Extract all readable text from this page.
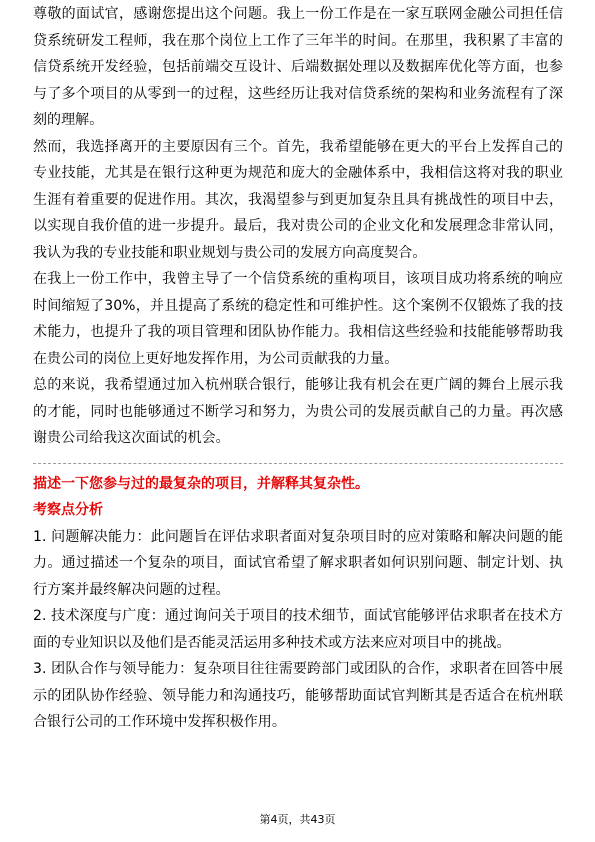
尊敬的面试官，感谢您提出这个问题。我上一份工作是在一家互联网金融公司担任信贷系统研发工程师，我在那个岗位上工作了三年半的时间。在那里，我积累了丰富的信贷系统开发经验，包括前端交互设计、后端数据处理以及数据库优化等方面，也参与了多个项目的从零到一的过程，这些经历让我对信贷系统的架构和业务流程有了深刻的理解。

然而，我选择离开的主要原因有三个。首先，我希望能够在更大的平台上发挥自己的专业技能，尤其是在银行这种更为规范和庞大的金融体系中，我相信这将对我的职业生涯有着重要的促进作用。其次，我渴望参与到更加复杂且具有挑战性的项目中去，以实现自我价值的进一步提升。最后，我对贵公司的企业文化和发展理念非常认同，我认为我的专业技能和职业规划与贵公司的发展方向高度契合。

在我上一份工作中，我曾主导了一个信贷系统的重构项目，该项目成功将系统的响应时间缩短了30%，并且提高了系统的稳定性和可维护性。这个案例不仅锻炼了我的技术能力，也提升了我的项目管理和团队协作能力。我相信这些经验和技能能够帮助我在贵公司的岗位上更好地发挥作用，为公司贡献我的力量。

总的来说，我希望通过加入杭州联合银行，能够让我有机会在更广阔的舞台上展示我的才能，同时也能够通过不断学习和努力，为贵公司的发展贡献自己的力量。再次感谢贵公司给我这次面试的机会。

描述一下您参与过的最复杂的项目，并解释其复杂性。

考察点分析

1. 问题解决能力：此问题旨在评估求职者面对复杂项目时的应对策略和解决问题的能力。通过描述一个复杂的项目，面试官希望了解求职者如何识别问题、制定计划、执行方案并最终解决问题的过程。

2. 技术深度与广度：通过询问关于项目的技术细节，面试官能够评估求职者在技术方面的专业知识以及他们是否能灵活运用多种技术或方法来应对项目中的挑战。

3. 团队合作与领导能力：复杂项目往往需要跨部门或团队的合作，求职者在回答中展示的团队协作经验、领导能力和沟通技巧，能够帮助面试官判断其是否适合在杭州联合银行公司的工作环境中发挥积极作用。

第4页，共43页
